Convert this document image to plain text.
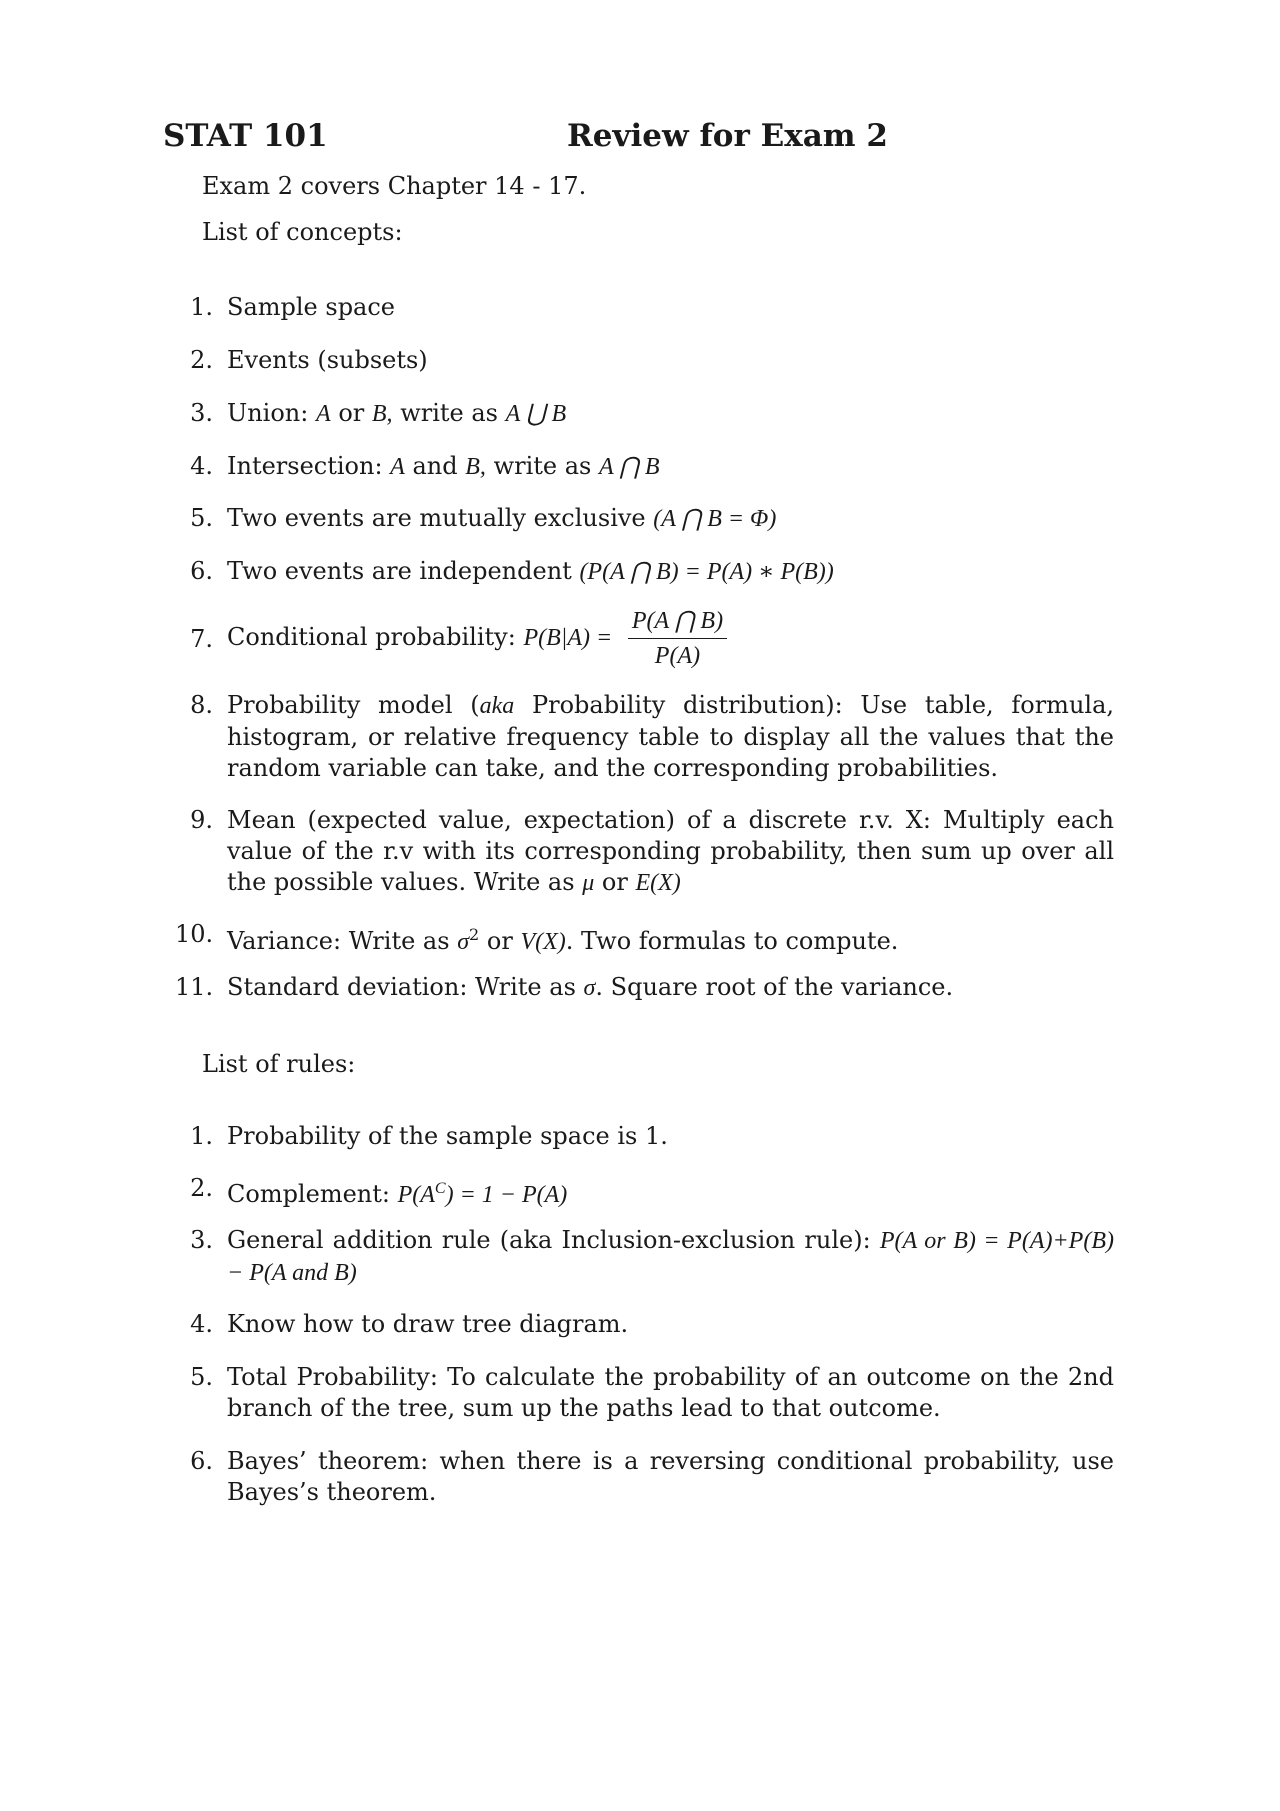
STAT 101	Review for Exam 2
Exam 2 covers Chapter 14 - 17.
List of concepts:
1. Sample space
2. Events (subsets)
3. Union: A or B, write as A ⋃ B
4. Intersection: A and B, write as A ⋂ B
5. Two events are mutually exclusive (A ⋂ B = Φ)
6. Two events are independent (P(A ⋂ B) = P(A) ∗ P(B))
7. Conditional probability: $P(B|A) = \frac{P(A ⋂ B)}{P(A)}$
8. Probability model (aka Probability distribution): Use table, formula, histogram, or relative frequency table to display all the values that the random variable can take, and the corresponding probabilities.
9. Mean (expected value, expectation) of a discrete r.v. X: Multiply each value of the r.v with its corresponding probability, then sum up over all the possible values. Write as μ or E(X)
10. Variance: Write as $\sigma^2$ or V(X). Two formulas to compute.
11. Standard deviation: Write as σ. Square root of the variance.
List of rules:
1. Probability of the sample space is 1.
2. Complement: $P(A^C) = 1 - P(A)$
3. General addition rule (aka Inclusion-exclusion rule): P(A or B) = P(A)+P(B)− P(A and B)
4. Know how to draw tree diagram.
5. Total Probability: To calculate the probability of an outcome on the 2nd branch of the tree, sum up the paths lead to that outcome.
6. Bayes’ theorem: when there is a reversing conditional probability, use Bayes’s theorem.
